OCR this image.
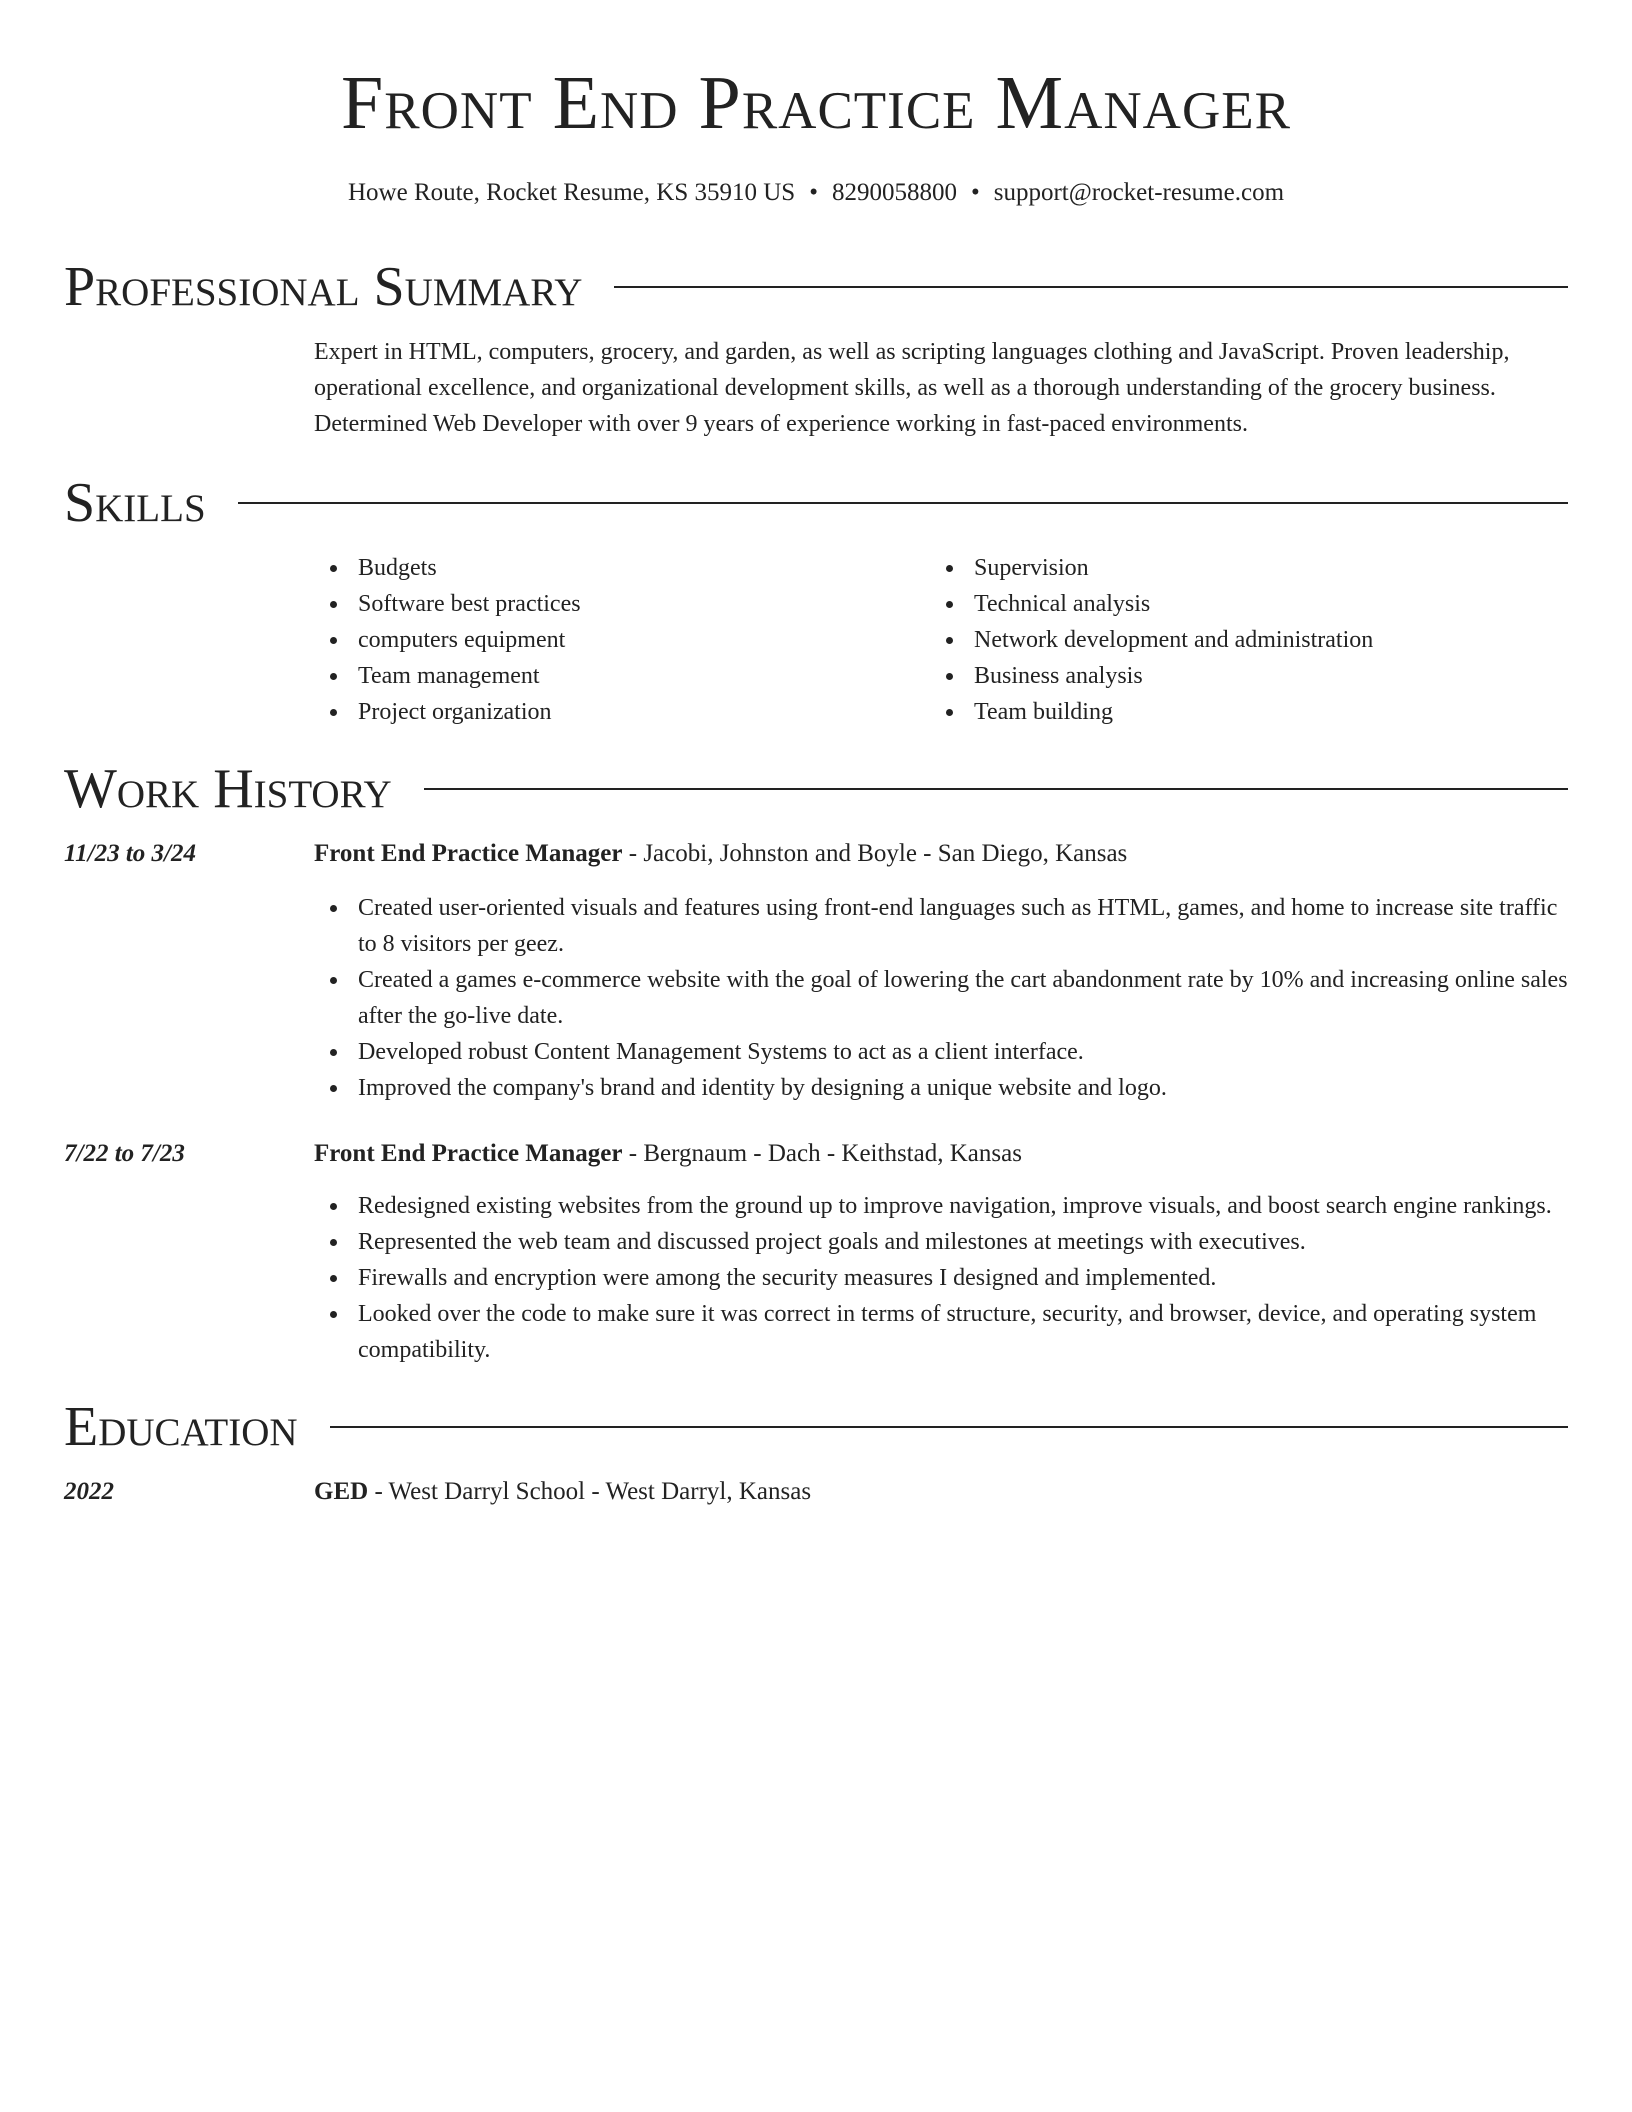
Front End Practice Manager
Howe Route, Rocket Resume, KS 35910 US • 8290058800 • support@rocket-resume.com
Professional Summary

Expert in HTML, computers, grocery, and garden, as well as scripting languages clothing and JavaScript. Proven leadership, operational excellence, and organizational development skills, as well as a thorough understanding of the grocery business. Determined Web Developer with over 9 years of experience working in fast-paced environments.

Skills
Budgets
Software best practices
computers equipment
Team management
Project organization
Supervision
Technical analysis
Network development and administration
Business analysis
Team building
Work History
11/23 to 3/24	Front End Practice Manager - Jacobi, Johnston and Boyle - San Diego, Kansas
Created user-oriented visuals and features using front-end languages such as HTML, games, and home to increase site traffic to 8 visitors per geez.
Created a games e-commerce website with the goal of lowering the cart abandonment rate by 10% and increasing online sales after the go-live date.
Developed robust Content Management Systems to act as a client interface.
Improved the company's brand and identity by designing a unique website and logo.
7/22 to 7/23	Front End Practice Manager - Bergnaum - Dach - Keithstad, Kansas
Redesigned existing websites from the ground up to improve navigation, improve visuals, and boost search engine rankings.
Represented the web team and discussed project goals and milestones at meetings with executives.
Firewalls and encryption were among the security measures I designed and implemented.
Looked over the code to make sure it was correct in terms of structure, security, and browser, device, and operating system compatibility.
Education
2022	GED - West Darryl School - West Darryl, Kansas
